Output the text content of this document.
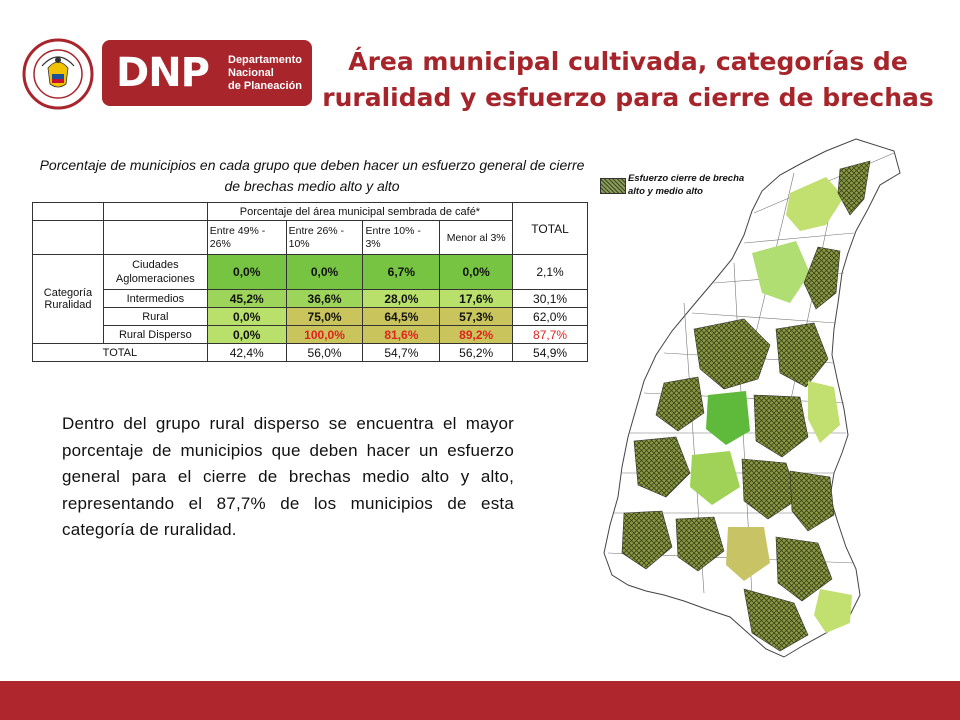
DNP Departamento
Nacional
de Planeación
Área municipal cultivada, categorías de ruralidad y esfuerzo para cierre de brechas
Porcentaje de municipios en cada grupo que deben hacer un esfuerzo general de cierre de brechas medio alto y alto
		Porcentaje del área municipal sembrada de café*				TOTAL
		Entre 49% - 26%	Entre 26% - 10%	Entre 10% - 3%	Menor al 3%	
Categoría Ruralidad	Ciudades Aglomeraciones	0,0%	0,0%	6,7%	0,0%	2,1%
	Intermedios	45,2%	36,6%	28,0%	17,6%	30,1%
	Rural	0,0%	75,0%	64,5%	57,3%	62,0%
	Rural Disperso	0,0%	100,0%	81,6%	89,2%	87,7%
TOTAL		42,4%	56,0%	54,7%	56,2%	54,9%
Dentro del grupo rural disperso se encuentra el mayor porcentaje de municipios que deben hacer un esfuerzo general para el cierre de brechas medio alto y alto, representando el 87,7% de los municipios de esta categoría de ruralidad.
Esfuerzo cierre de brecha
alto y medio alto
